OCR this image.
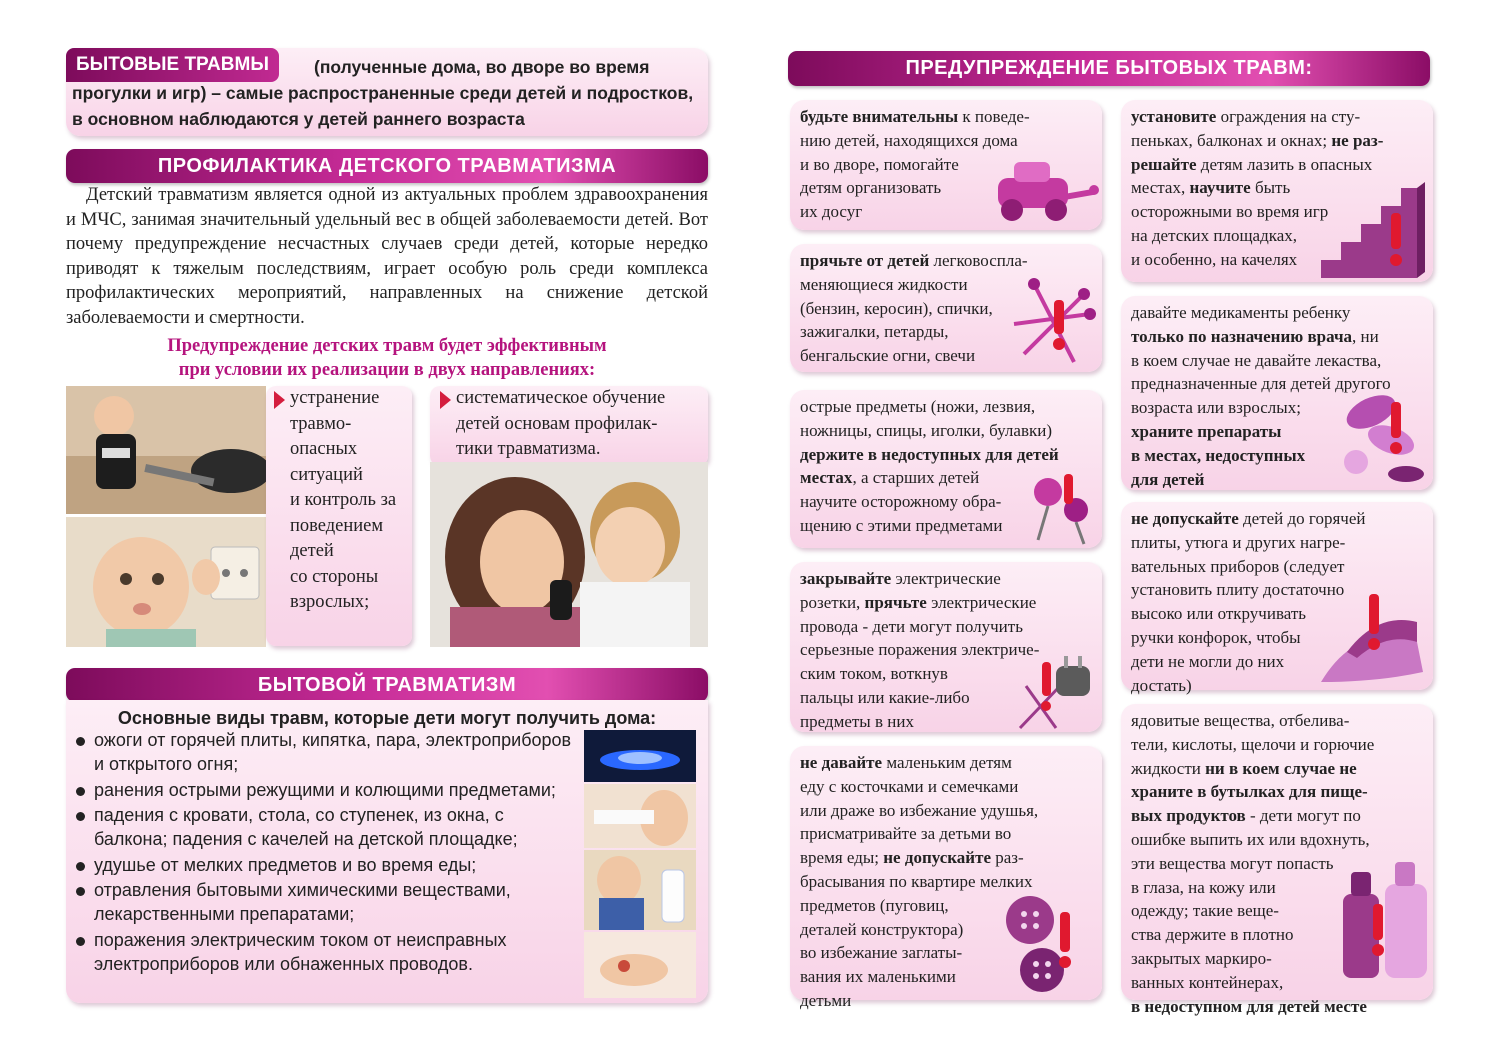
(полученные дома, во дворе во время прогулки и игр) – самые распространенные среди детей и подростков, в основном наблюдаются у детей раннего возраста
БЫТОВЫЕ ТРАВМЫ
ПРОФИЛАКТИКА ДЕТСКОГО ТРАВМАТИЗМА
Детский травматизм является одной из актуальных проблем здравоохранения и МЧС, занимая значительный удельный вес в общей заболеваемости детей. Вот почему предупреждение несчастных случаев среди детей, которые нередко приводят к тяжелым последствиям, играет особую роль среди комплекса профилактических мероприятий, направленных на снижение детской заболеваемости и смертности.
Предупреждение детских травм будет эффективным
при условии их реализации в двух направлениях:
устранение
травмо-
опасных
ситуаций
и контроль за
поведением
детей
со стороны
взрослых;
систематическое обучение
детей основам профилак-
тики травматизма.
БЫТОВОЙ ТРАВМАТИЗМ
Основные виды травм, которые дети могут получить дома:
ожоги от горячей плиты, кипятка, пара, электроприборов и открытого огня;
ранения острыми режущими и колющими предметами;
падения с кровати, стола, со ступенек, из окна, с балкона; падения с качелей на детской площадке;
удушье от мелких предметов и во время еды;
отравления бытовыми химическими веществами, лекарственными препаратами;
поражения электрическим током от неисправных электроприборов или обнаженных проводов.
ПРЕДУПРЕЖДЕНИЕ БЫТОВЫХ ТРАВМ:
будьте внимательны к поведе-
нию детей, находящихся дома
и во дворе, помогайте
детям организовать
их досуг
установите ограждения на сту-
пеньках, балконах и окнах; не раз-
решайте детям лазить в опасных
местах, научите быть
осторожными во время игр
на детских площадках,
и особенно, на качелях
прячьте от детей легковоспла-
меняющиеся жидкости
(бензин, керосин), спички,
зажигалки, петарды,
бенгальские огни, свечи
давайте медикаменты ребенку
только по назначению врача, ни
в коем случае не давайте лекаства,
предназначенные для детей другого
возраста или взрослых;
храните препараты
в местах, недоступных
для детей
острые предметы (ножи, лезвия,
ножницы, спицы, иголки, булавки)
держите в недоступных для детей
местах, а старших детей
научите осторожному обра-
щению с этими предметами	не допускайте детей до горячей
плиты, утюга и других нагре-
вательных приборов (следует
установить плиту достаточно
высоко или откручивать
ручки конфорок, чтобы
дети не могли до них
достать)
закрывайте электрические
розетки, прячьте электрические
провода - дети могут получить
серьезные поражения электриче-
ским током, воткнув
пальцы или какие-либо
предметы в них	ядовитые вещества, отбелива-
тели, кислоты, щелочи и горючие
жидкости ни в коем случае не
храните в бутылках для пище-
вых продуктов - дети могут по
ошибке выпить их или вдохнуть,
эти вещества могут попасть
в глаза, на кожу или
одежду; такие веще-
ства держите в плотно
закрытых маркиро-
ванных контейнерах,
в недоступном для детей месте
не давайте маленьким детям
еду с косточками и семечками
или драже во избежание удушья,
присматривайте за детьми во
время еды; не допускайте раз-
брасывания по квартире мелких
предметов (пуговиц,
деталей конструктора)
во избежание заглаты-
вания их маленькими
детьми
